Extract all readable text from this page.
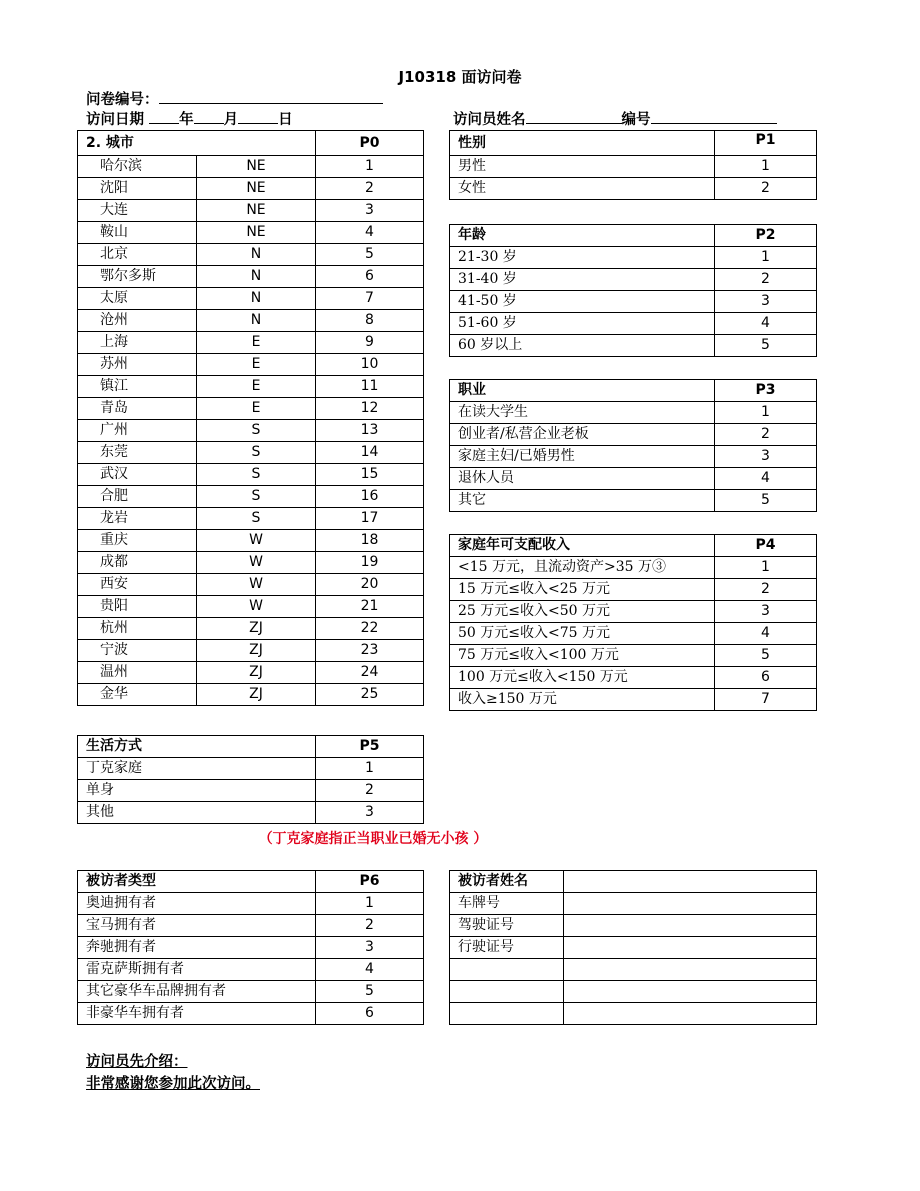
J10318 面访问卷
问卷编号：
访问日期 年 月	日	访问员姓名	编号
2. 城市		P0
哈尔滨	NE	1
沈阳	NE	2
大连	NE	3
鞍山	NE	4
北京	N	5
鄂尔多斯	N	6
太原	N	7
沧州	N	8
上海	E	9
苏州	E	10
镇江	E	11
青岛	E	12
广州	S	13
东莞	S	14
武汉	S	15
合肥	S	16
龙岩	S	17
重庆	W	18
成都	W	19
西安	W	20
贵阳	W	21
杭州	ZJ	22
宁波	ZJ	23
温州	ZJ	24
金华	ZJ	25
性别	P1
男性	1
女性	2
年龄	P2
21-30 岁	1
31-40 岁	2
41-50 岁	3
51-60 岁	4
60 岁以上	5
职业	P3
在读大学生	1
创业者/私营企业老板	2
家庭主妇/已婚男性	3
退休人员	4
其它	5
家庭年可支配收入	P4
<15 万元，且流动资产>35 万③	1
15 万元≤收入<25 万元	2
25 万元≤收入<50 万元	3
50 万元≤收入<75 万元	4
75 万元≤收入<100 万元	5
100 万元≤收入<150 万元	6
收入≥150 万元	7
生活方式	P5
丁克家庭	1
单身	2
其他	3
（丁克家庭指正当职业已婚无小孩 ）
被访者类型	P6
奥迪拥有者	1
宝马拥有者	2
奔驰拥有者	3
雷克萨斯拥有者	4
其它豪华车品牌拥有者	5
非豪华车拥有者	6
被访者姓名	
车牌号	
驾驶证号	
行驶证号	

访问员先介绍：
非常感谢您参加此次访问。
